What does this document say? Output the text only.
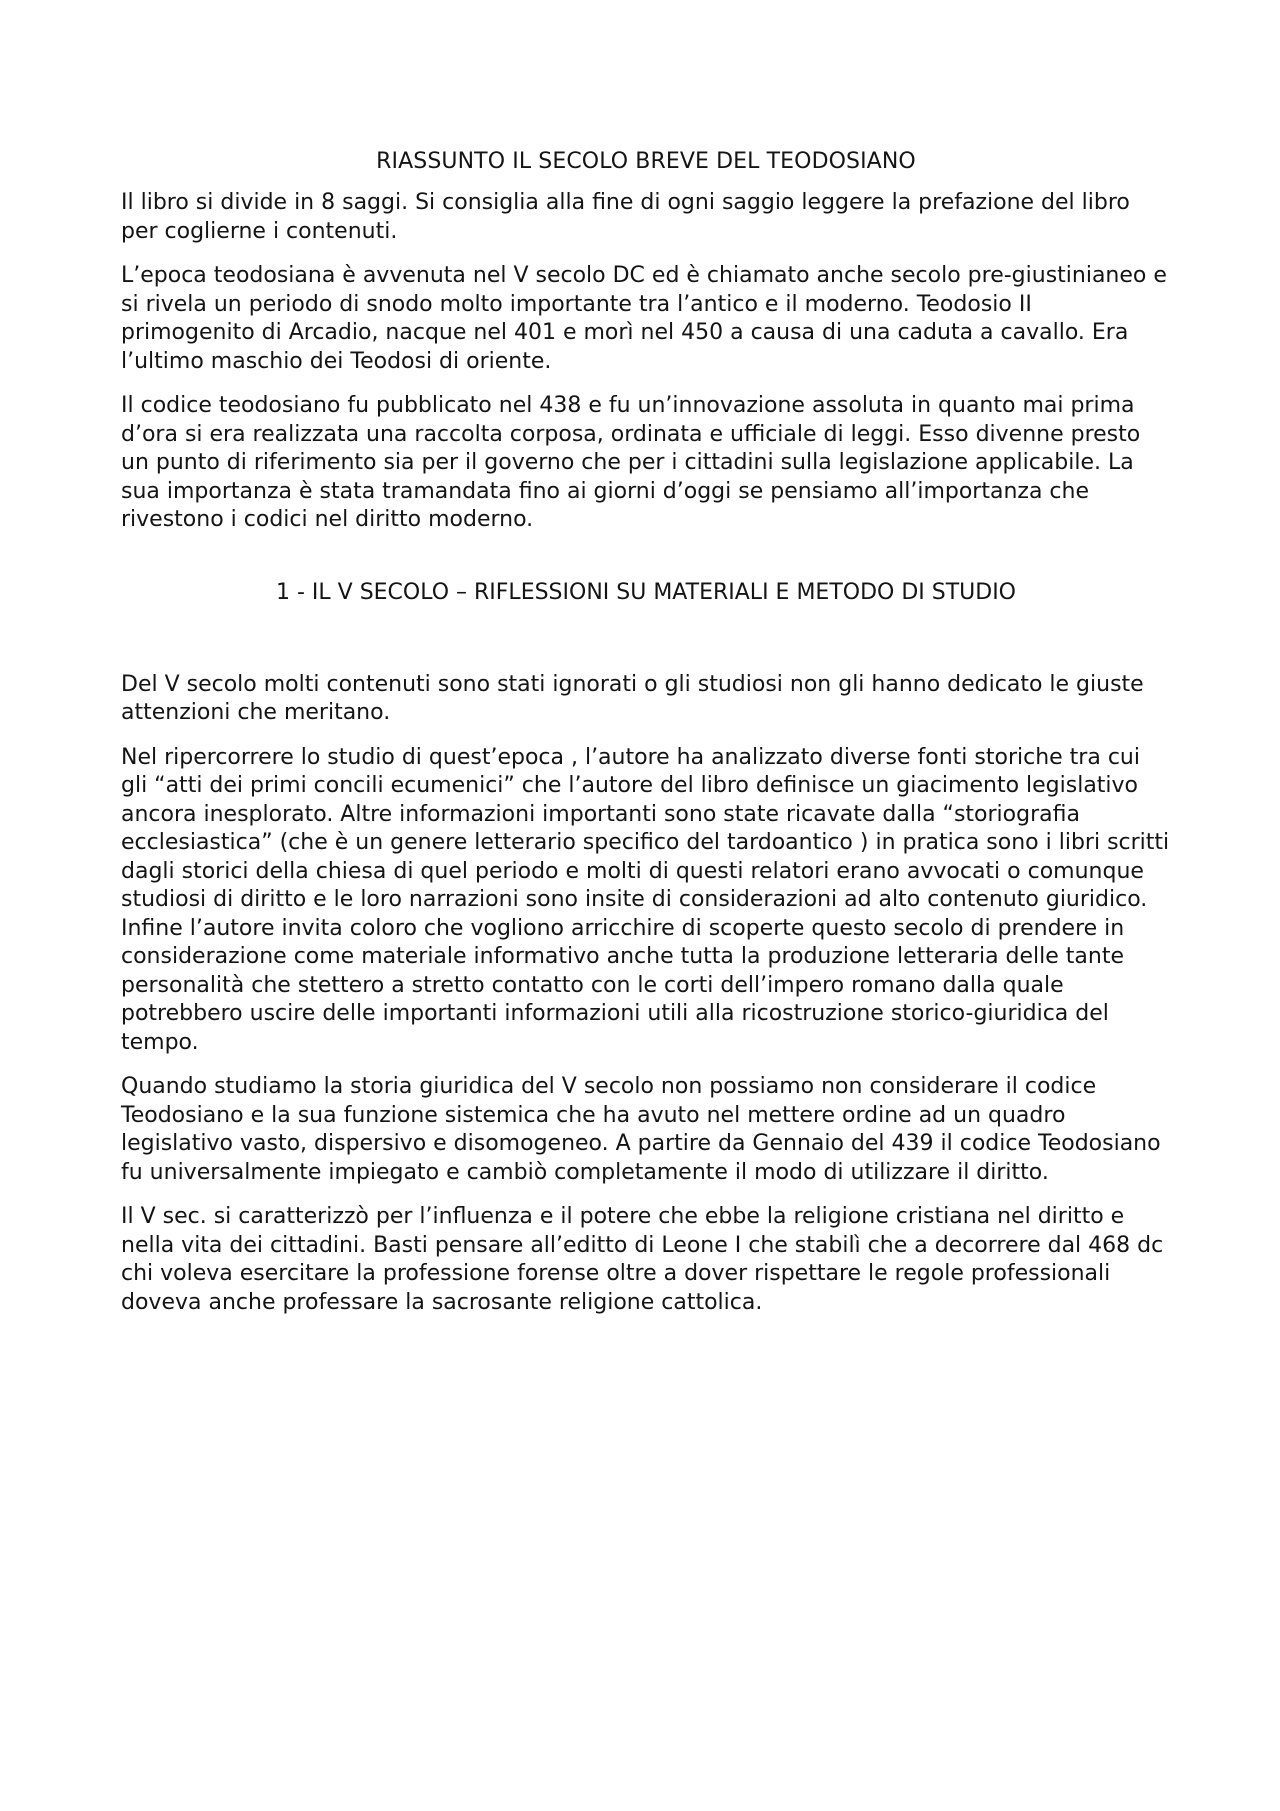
RIASSUNTO IL SECOLO BREVE DEL TEODOSIANO

Il libro si divide in 8 saggi. Si consiglia alla fine di ogni saggio leggere la prefazione del libro per coglierne i contenuti.

L’epoca teodosiana è avvenuta nel V secolo DC ed è chiamato anche secolo pre-giustinianeo e si rivela un periodo di snodo molto importante tra l’antico e il moderno. Teodosio II primogenito di Arcadio, nacque nel 401 e morì nel 450 a causa di una caduta a cavallo. Era l’ultimo maschio dei Teodosi di oriente.

Il codice teodosiano fu pubblicato nel 438 e fu un’innovazione assoluta in quanto mai prima d’ora si era realizzata una raccolta corposa, ordinata e ufficiale di leggi. Esso divenne presto un punto di riferimento sia per il governo che per i cittadini sulla legislazione applicabile. La sua importanza è stata tramandata fino ai giorni d’oggi se pensiamo all’importanza che rivestono i codici nel diritto moderno.

1 - IL V SECOLO – RIFLESSIONI SU MATERIALI E METODO DI STUDIO

Del V secolo molti contenuti sono stati ignorati o gli studiosi non gli hanno dedicato le giuste attenzioni che meritano.

Nel ripercorrere lo studio di quest’epoca , l’autore ha analizzato diverse fonti storiche tra cui gli “atti dei primi concili ecumenici” che l’autore del libro definisce un giacimento legislativo ancora inesplorato. Altre informazioni importanti sono state ricavate dalla “storiografia ecclesiastica” (che è un genere letterario specifico del tardoantico ) in pratica sono i libri scritti dagli storici della chiesa di quel periodo e molti di questi relatori erano avvocati o comunque studiosi di diritto e le loro narrazioni sono insite di considerazioni ad alto contenuto giuridico. Infine l’autore invita coloro che vogliono arricchire di scoperte questo secolo di prendere in considerazione come materiale informativo anche tutta la produzione letteraria delle tante personalità che stettero a stretto contatto con le corti dell’impero romano dalla quale potrebbero uscire delle importanti informazioni utili alla ricostruzione storico-giuridica del tempo.

Quando studiamo la storia giuridica del V secolo non possiamo non considerare il codice Teodosiano e la sua funzione sistemica che ha avuto nel mettere ordine ad un quadro legislativo vasto, dispersivo e disomogeneo. A partire da Gennaio del 439 il codice Teodosiano fu universalmente impiegato e cambiò completamente il modo di utilizzare il diritto.

Il V sec. si caratterizzò per l’influenza e il potere che ebbe la religione cristiana nel diritto e nella vita dei cittadini. Basti pensare all’editto di Leone I che stabilì che a decorrere dal 468 dc chi voleva esercitare la professione forense oltre a dover rispettare le regole professionali doveva anche professare la sacrosante religione cattolica.
